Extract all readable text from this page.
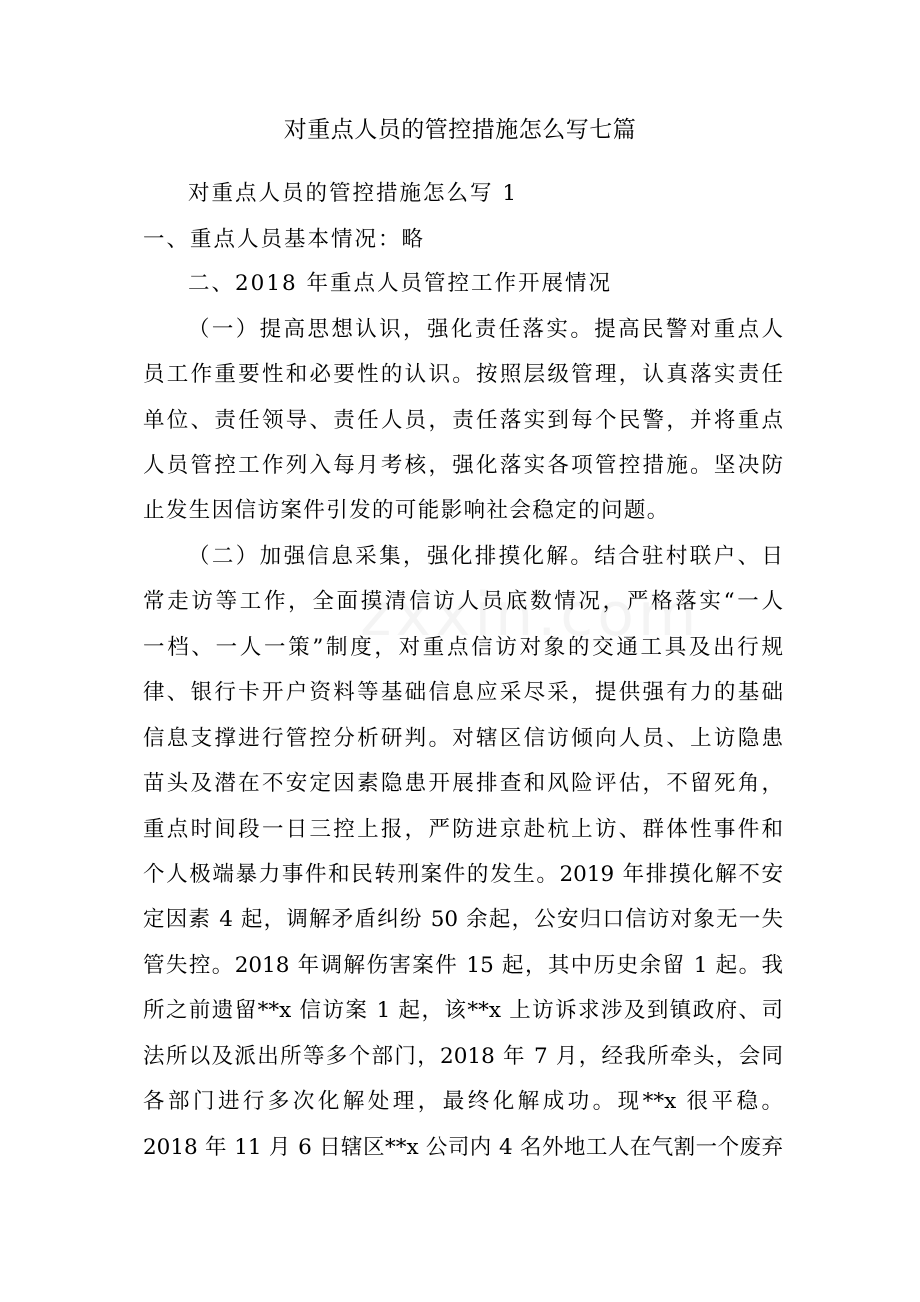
对重点人员的管控措施怎么写七篇
对重点人员的管控措施怎么写 1
一、重点人员基本情况：略
二、2018 年重点人员管控工作开展情况
（一）提高思想认识，强化责任落实。提高民警对重点人
员工作重要性和必要性的认识。按照层级管理，认真落实责任
单位、责任领导、责任人员，责任落实到每个民警，并将重点
人员管控工作列入每月考核，强化落实各项管控措施。坚决防
止发生因信访案件引发的可能影响社会稳定的问题。
（二）加强信息采集，强化排摸化解。结合驻村联户、日
常走访等工作，全面摸清信访人员底数情况，严格落实“一人
一档、一人一策”制度，对重点信访对象的交通工具及出行规
律、银行卡开户资料等基础信息应采尽采，提供强有力的基础
信息支撑进行管控分析研判。对辖区信访倾向人员、上访隐患
苗头及潜在不安定因素隐患开展排查和风险评估，不留死角，
重点时间段一日三控上报，严防进京赴杭上访、群体性事件和
个人极端暴力事件和民转刑案件的发生。2019 年排摸化解不安
定因素 4 起，调解矛盾纠纷 50 余起，公安归口信访对象无一失
管失控。2018 年调解伤害案件 15 起，其中历史余留 1 起。我
所之前遗留**x 信访案 1 起，该**x 上访诉求涉及到镇政府、司
法所以及派出所等多个部门，2018 年 7 月，经我所牵头，会同
各部门进行多次化解处理，最终化解成功。现**x 很平稳。
2018 年 11 月 6 日辖区**x 公司内 4 名外地工人在气割一个废弃
